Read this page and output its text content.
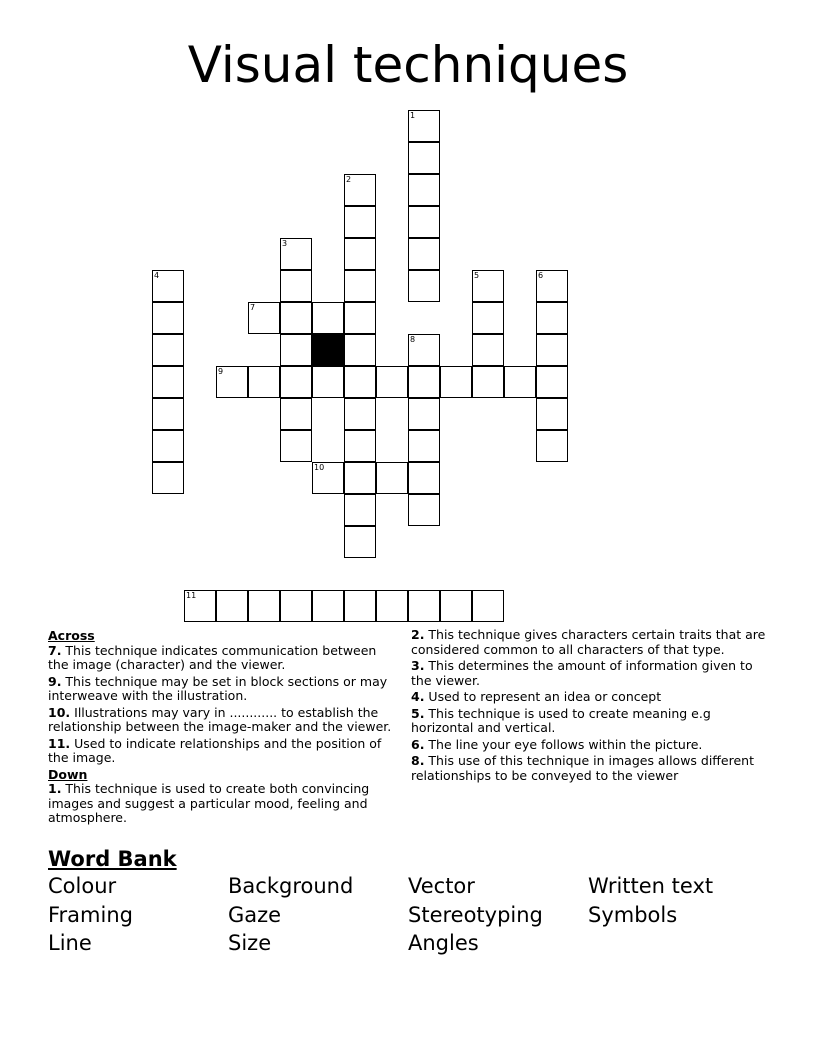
Visual techniques
7
9
10
11
1
2
3
4	5	6
8
Across
7. This technique indicates communication between the image (character) and the viewer.
9. This technique may be set in block sections or may interweave with the illustration.
10. Illustrations may vary in ............ to establish the relationship between the image-maker and the viewer.
11. Used to indicate relationships and the position of the image.
Down
1. This technique is used to create both convincing images and suggest a particular mood, feeling and atmosphere.
2. This technique gives characters certain traits that are considered common to all characters of that type.
3. This determines the amount of information given to the viewer.
4. Used to represent an idea or concept
5. This technique is used to create meaning e.g horizontal and vertical.
6. The line your eye follows within the picture.
8. This use of this technique in images allows different relationships to be conveyed to the viewer
Word Bank
Colour	Background	Vector	Written text
Framing	Gaze	Stereotyping	Symbols
Line	Size	Angles
